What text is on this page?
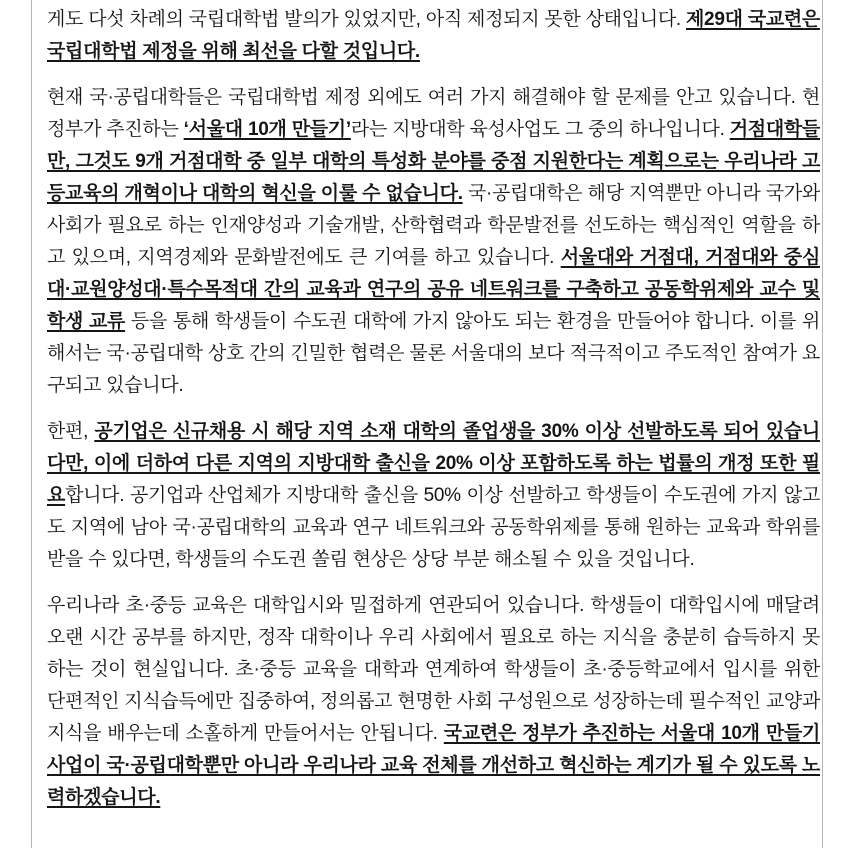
게도 다섯 차례의 국립대학법 발의가 있었지만, 아직 제정되지 못한 상태입니다. 제29대 국교련은 국립대학법 제정을 위해 최선을 다할 것입니다.

현재 국·공립대학들은 국립대학법 제정 외에도 여러 가지 해결해야 할 문제를 안고 있습니다. 현 정부가 추진하는 ‘서울대 10개 만들기’라는 지방대학 육성사업도 그 중의 하나입니다. 거점대학들만, 그것도 9개 거점대학 중 일부 대학의 특성화 분야를 중점 지원한다는 계획으로는 우리나라 고등교육의 개혁이나 대학의 혁신을 이룰 수 없습니다. 국·공립대학은 해당 지역뿐만 아니라 국가와 사회가 필요로 하는 인재양성과 기술개발, 산학협력과 학문발전를 선도하는 핵심적인 역할을 하고 있으며, 지역경제와 문화발전에도 큰 기여를 하고 있습니다. 서울대와 거점대, 거점대와 중심대·교원양성대·특수목적대 간의 교육과 연구의 공유 네트워크를 구축하고 공동학위제와 교수 및 학생 교류 등을 통해 학생들이 수도권 대학에 가지 않아도 되는 환경을 만들어야 합니다. 이를 위해서는 국·공립대학 상호 간의 긴밀한 협력은 물론 서울대의 보다 적극적이고 주도적인 참여가 요구되고 있습니다.

한편, 공기업은 신규채용 시 해당 지역 소재 대학의 졸업생을 30% 이상 선발하도록 되어 있습니다만, 이에 더하여 다른 지역의 지방대학 출신을 20% 이상 포함하도록 하는 법률의 개정 또한 필요합니다. 공기업과 산업체가 지방대학 출신을 50% 이상 선발하고 학생들이 수도권에 가지 않고도 지역에 남아 국·공립대학의 교육과 연구 네트워크와 공동학위제를 통해 원하는 교육과 학위를 받을 수 있다면, 학생들의 수도권 쏠림 현상은 상당 부분 해소될 수 있을 것입니다.

우리나라 초·중등 교육은 대학입시와 밀접하게 연관되어 있습니다. 학생들이 대학입시에 매달려 오랜 시간 공부를 하지만, 정작 대학이나 우리 사회에서 필요로 하는 지식을 충분히 습득하지 못하는 것이 현실입니다. 초·중등 교육을 대학과 연계하여 학생들이 초·중등학교에서 입시를 위한 단편적인 지식습득에만 집중하여, 정의롭고 현명한 사회 구성원으로 성장하는데 필수적인 교양과 지식을 배우는데 소홀하게 만들어서는 안됩니다. 국교련은 정부가 추진하는 서울대 10개 만들기 사업이 국·공립대학뿐만 아니라 우리나라 교육 전체를 개선하고 혁신하는 계기가 될 수 있도록 노력하겠습니다.
